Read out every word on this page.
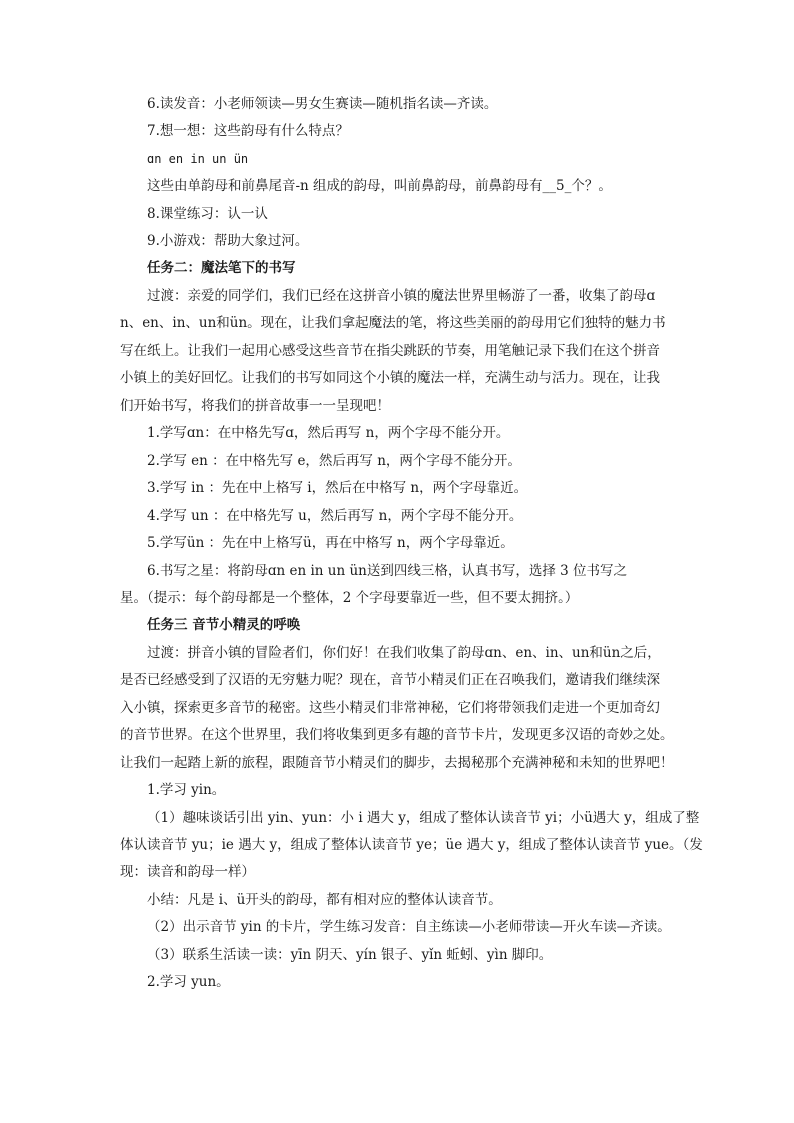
6.读发音：小老师领读—男女生赛读—随机指名读—齐读。
7.想一想：这些韵母有什么特点？
ɑn en in un ün
这些由单韵母和前鼻尾音-n 组成的韵母，叫前鼻韵母，前鼻韵母有__5_个？。
8.课堂练习：认一认
9.小游戏：帮助大象过河。
任务二：魔法笔下的书写
过渡：亲爱的同学们，我们已经在这拼音小镇的魔法世界里畅游了一番，收集了韵母ɑ
n、en、in、un和ün。现在，让我们拿起魔法的笔，将这些美丽的韵母用它们独特的魅力书
写在纸上。让我们一起用心感受这些音节在指尖跳跃的节奏，用笔触记录下我们在这个拼音
小镇上的美好回忆。让我们的书写如同这个小镇的魔法一样，充满生动与活力。现在，让我
们开始书写，将我们的拼音故事一一呈现吧！
1.学写ɑn：在中格先写ɑ，然后再写 n，两个字母不能分开。
2.学写 en ：在中格先写 e，然后再写 n，两个字母不能分开。
3.学写 in ：先在中上格写 i，然后在中格写 n，两个字母靠近。
4.学写 un ：在中格先写 u，然后再写 n，两个字母不能分开。
5.学写ün ：先在中上格写ü，再在中格写 n，两个字母靠近。
6.书写之星：将韵母ɑn en in un ün送到四线三格，认真书写，选择 3 位书写之
星。（提示：每个韵母都是一个整体，2 个字母要靠近一些，但不要太拥挤。）
任务三 音节小精灵的呼唤
过渡：拼音小镇的冒险者们，你们好！在我们收集了韵母ɑn、en、in、un和ün之后，
是否已经感受到了汉语的无穷魅力呢？现在，音节小精灵们正在召唤我们，邀请我们继续深
入小镇，探索更多音节的秘密。这些小精灵们非常神秘，它们将带领我们走进一个更加奇幻
的音节世界。在这个世界里，我们将收集到更多有趣的音节卡片，发现更多汉语的奇妙之处。
让我们一起踏上新的旅程，跟随音节小精灵们的脚步，去揭秘那个充满神秘和未知的世界吧！
1.学习 yin。
（1）趣味谈话引出 yin、yun：小 i 遇大 y，组成了整体认读音节 yi；小ü遇大 y，组成了整
体认读音节 yu；ie 遇大 y，组成了整体认读音节 ye；üe 遇大 y，组成了整体认读音节 yue。（发
现：读音和韵母一样）
小结：凡是 i、ü开头的韵母，都有相对应的整体认读音节。
（2）出示音节 yin 的卡片，学生练习发音：自主练读—小老师带读—开火车读—齐读。
（3）联系生活读一读：yīn 阴天、yín 银子、yǐn 蚯蚓、yìn 脚印。
2.学习 yun。
